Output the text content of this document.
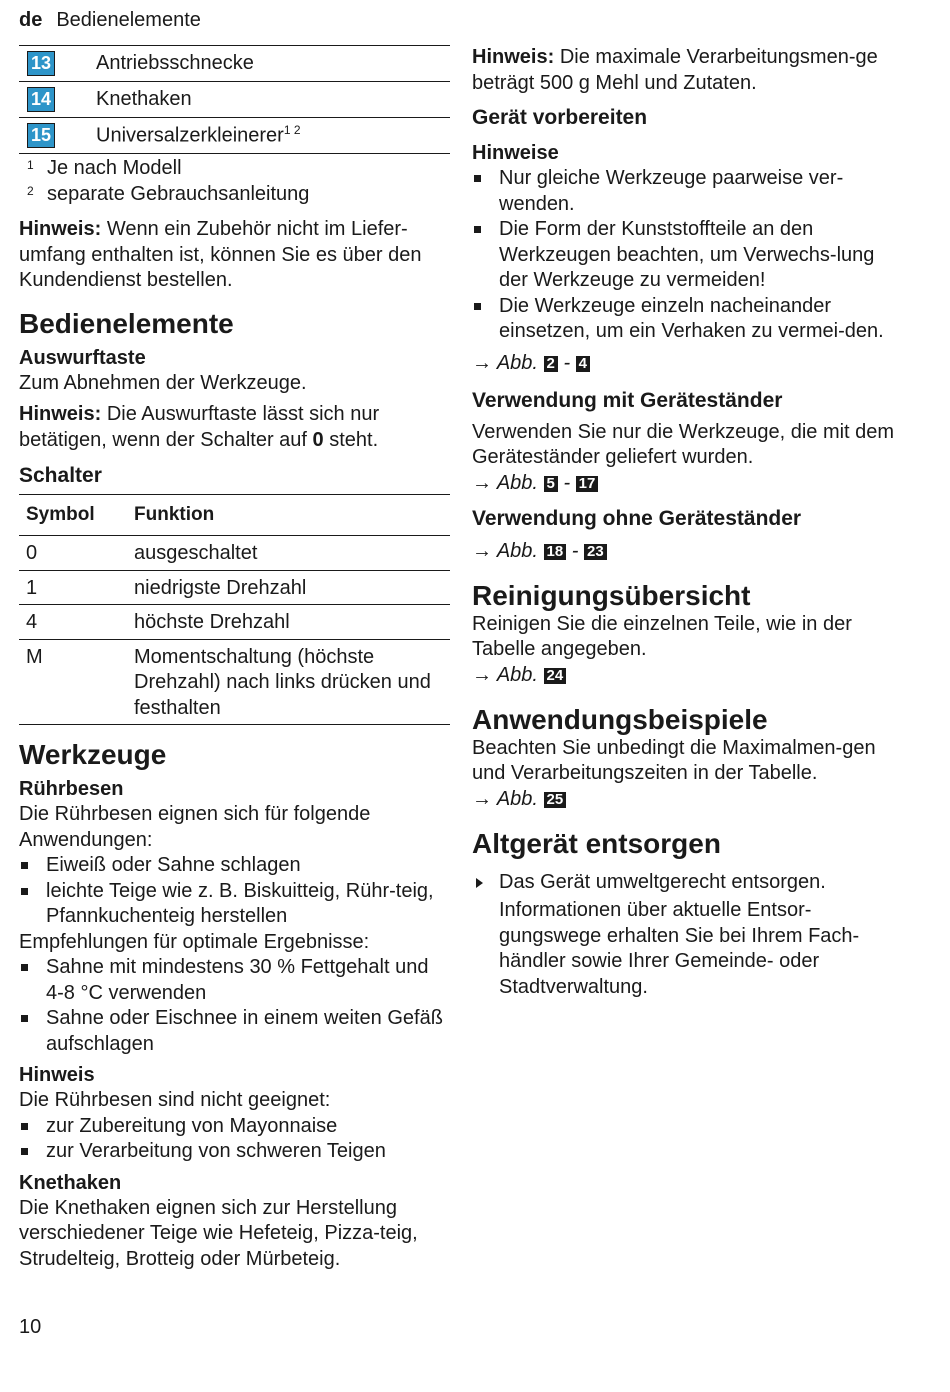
de Bedienelemente
13 Antriebsschnecke
14 Knethaken
15 Universalzerkleinerer$^{1 2}$
1 Je nach Modell
2 separate Gebrauchsanleitung

Hinweis: Wenn ein Zubehör nicht im Liefer-umfang enthalten ist, können Sie es über den Kundendienst bestellen.

Bedienelemente
Auswurftaste

Zum Abnehmen der Werkzeuge.

Hinweis: Die Auswurftaste lässt sich nur betätigen, wenn der Schalter auf 0 steht.

Schalter
Symbol	Funktion
0	ausgeschaltet
1	niedrigste Drehzahl
4	höchste Drehzahl
M	Momentschaltung (höchste Drehzahl) nach links drücken und festhalten
Werkzeuge
Rührbesen

Die Rührbesen eignen sich für folgende Anwendungen:

Eiweiß oder Sahne schlagen
leichte Teige wie z. B. Biskuitteig, Rühr-teig, Pfannkuchenteig herstellen

Empfehlungen für optimale Ergebnisse:

Sahne mit mindestens 30 % Fettgehalt und 4-8 °C verwenden
Sahne oder Eischnee in einem weiten Gefäß aufschlagen
Hinweis

Die Rührbesen sind nicht geeignet:

zur Zubereitung von Mayonnaise
zur Verarbeitung von schweren Teigen
Knethaken

Die Knethaken eignen sich zur Herstellung verschiedener Teige wie Hefeteig, Pizza-teig, Strudelteig, Brotteig oder Mürbeteig.

Hinweis: Die maximale Verarbeitungsmen-ge beträgt 500 g Mehl und Zutaten.

Gerät vorbereiten
Hinweise
Nur gleiche Werkzeuge paarweise ver-wenden.
Die Form der Kunststoffteile an den Werkzeugen beachten, um Verwechs-lung der Werkzeuge zu vermeiden!
Die Werkzeuge einzeln nacheinander einsetzen, um ein Verhaken zu vermei-den.
→ Abb. 2 - 4
Verwendung mit Geräteständer

Verwenden Sie nur die Werkzeuge, die mit dem Geräteständer geliefert wurden.

→ Abb. 5 - 17
Verwendung ohne Geräteständer
→ Abb. 18 - 23
Reinigungsübersicht

Reinigen Sie die einzelnen Teile, wie in der Tabelle angegeben.

→ Abb. 24
Anwendungsbeispiele

Beachten Sie unbedingt die Maximalmen-gen und Verarbeitungszeiten in der Tabelle.

→ Abb. 25
Altgerät entsorgen
Das Gerät umweltgerecht entsorgen.

Informationen über aktuelle Entsor-gungswege erhalten Sie bei Ihrem Fach-händler sowie Ihrer Gemeinde- oder Stadtverwaltung.

10
